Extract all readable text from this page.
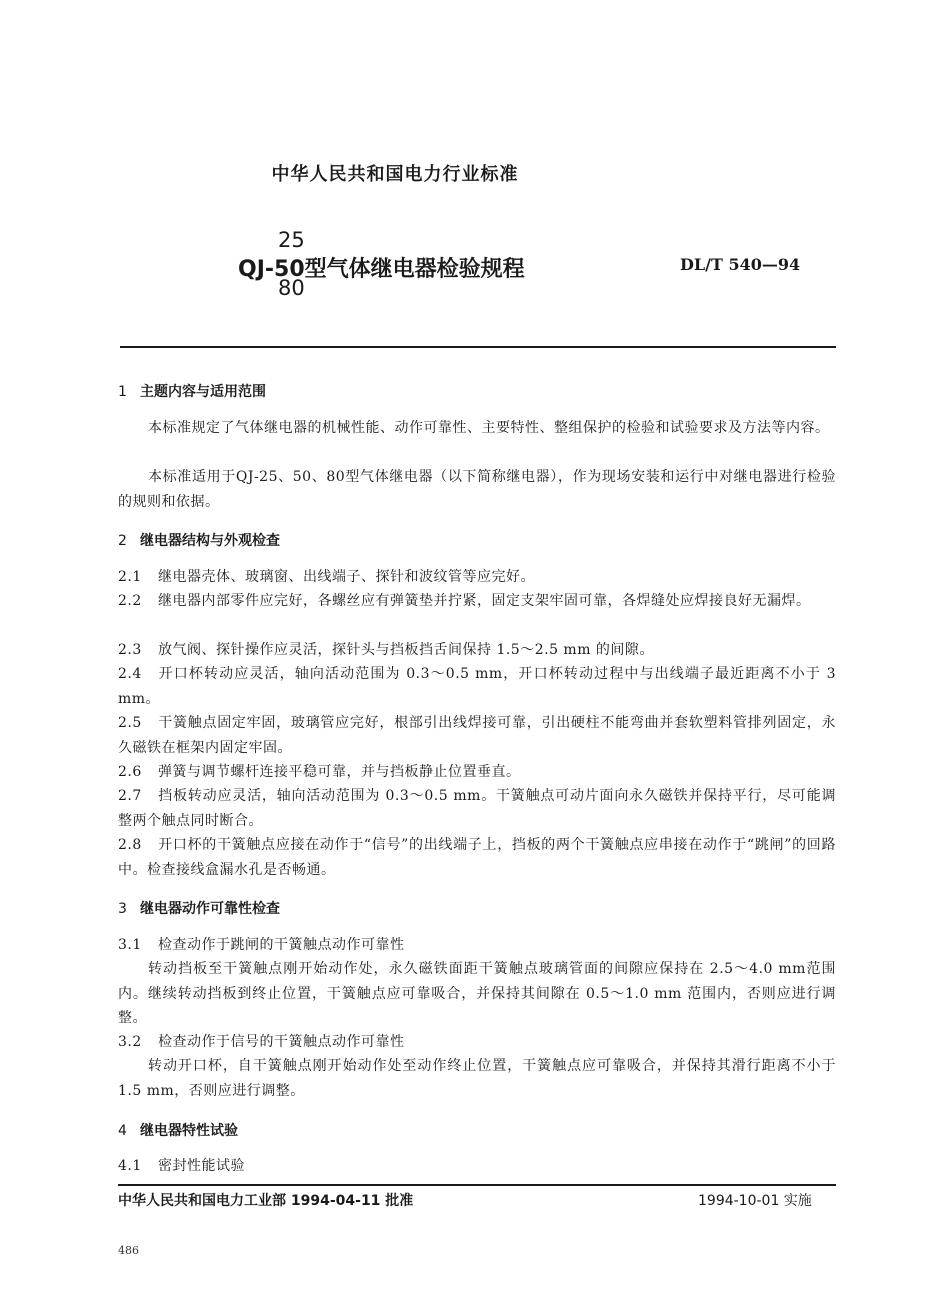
中华人民共和国电力行业标准
25
QJ-50型气体继电器检验规程
80
DL/T 540—94
1 主题内容与适用范围
本标准规定了气体继电器的机械性能、动作可靠性、主要特性、整组保护的检验和试验要求及方法等内容。
本标准适用于QJ-25、50、80型气体继电器（以下简称继电器），作为现场安装和运行中对继电器进行检验的规则和依据。
2 继电器结构与外观检查
2.1 继电器壳体、玻璃窗、出线端子、探针和波纹管等应完好。
2.2 继电器内部零件应完好，各螺丝应有弹簧垫并拧紧，固定支架牢固可靠，各焊缝处应焊接良好无漏焊。
2.3 放气阀、探针操作应灵活，探针头与挡板挡舌间保持 1.5～2.5 mm 的间隙。
2.4 开口杯转动应灵活，轴向活动范围为 0.3～0.5 mm，开口杯转动过程中与出线端子最近距离不小于 3 mm。
2.5 干簧触点固定牢固，玻璃管应完好，根部引出线焊接可靠，引出硬柱不能弯曲并套软塑料管排列固定，永久磁铁在框架内固定牢固。
2.6 弹簧与调节螺杆连接平稳可靠，并与挡板静止位置垂直。
2.7 挡板转动应灵活，轴向活动范围为 0.3～0.5 mm。干簧触点可动片面向永久磁铁并保持平行，尽可能调整两个触点同时断合。
2.8 开口杯的干簧触点应接在动作于“信号”的出线端子上，挡板的两个干簧触点应串接在动作于“跳闸”的回路中。检查接线盒漏水孔是否畅通。
3 继电器动作可靠性检查
3.1 检查动作于跳闸的干簧触点动作可靠性
转动挡板至干簧触点刚开始动作处，永久磁铁面距干簧触点玻璃管面的间隙应保持在 2.5～4.0 mm范围内。继续转动挡板到终止位置，干簧触点应可靠吸合，并保持其间隙在 0.5～1.0 mm 范围内，否则应进行调整。
3.2 检查动作于信号的干簧触点动作可靠性
转动开口杯，自干簧触点刚开始动作处至动作终止位置，干簧触点应可靠吸合，并保持其滑行距离不小于 1.5 mm，否则应进行调整。
4 继电器特性试验
4.1 密封性能试验
中华人民共和国电力工业部 1994-04-11 批准	1994-10-01 实施
486
